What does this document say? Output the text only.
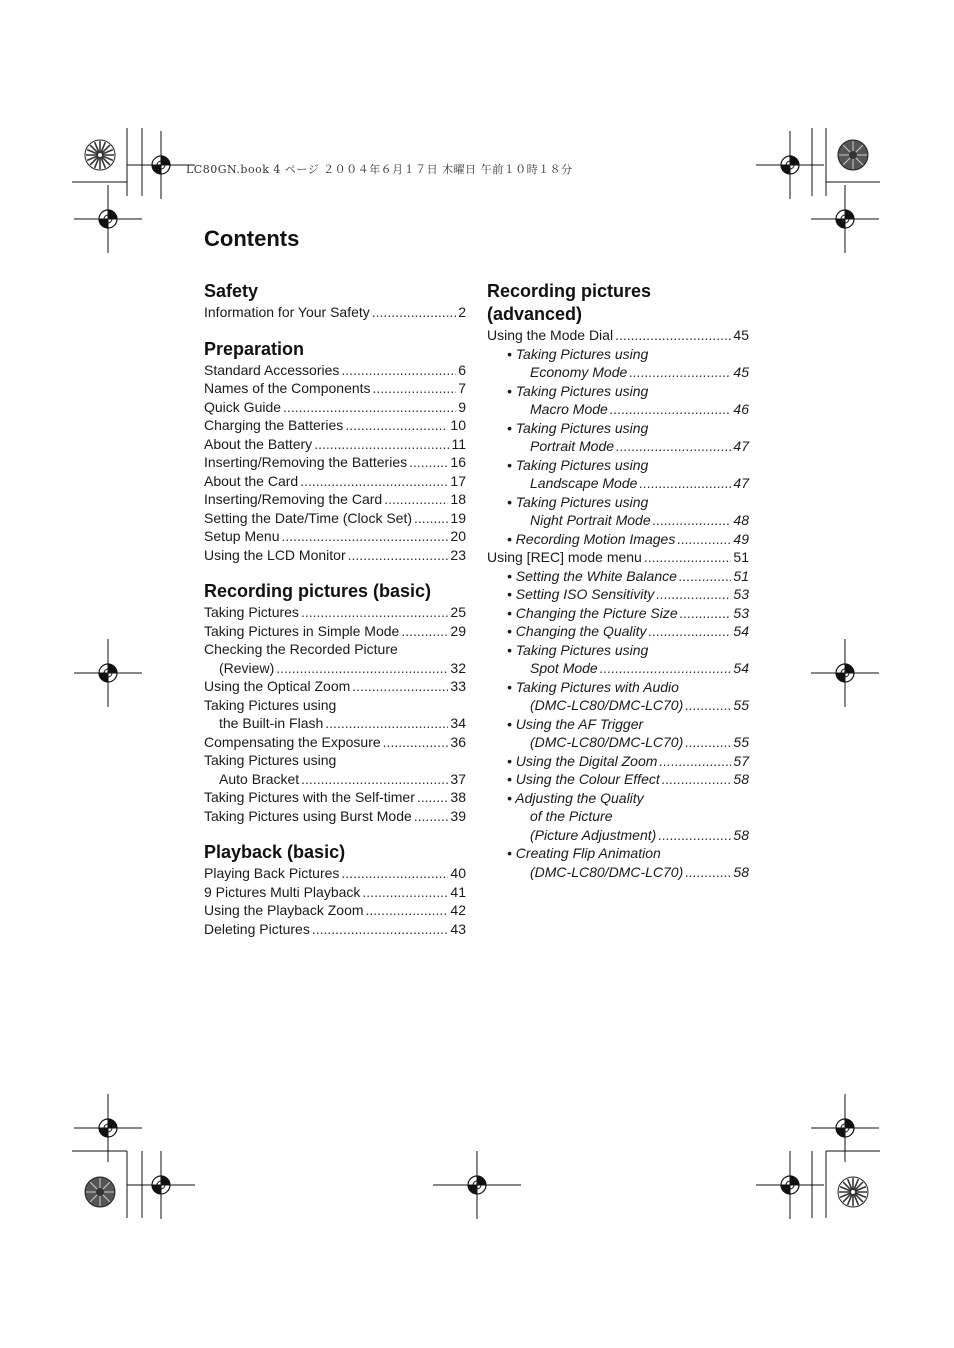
LC80GN.book 4 ページ ２００４年６月１７日 木曜日 午前１０時１８分
Contents
Safety
Information for Your Safety .....	2
Preparation
Standard Accessories .....	6
Names of the Components .....	7
Quick Guide .....	9
Charging the Batteries .....	10
About the Battery .....	11
Inserting/Removing the Batteries .....	16
About the Card .....	17
Inserting/Removing the Card .....	18
Setting the Date/Time (Clock Set) .....	19
Setup Menu .....	20
Using the LCD Monitor .....	23
Recording pictures (basic)
Taking Pictures .....	25
Taking Pictures in Simple Mode .....	29
Checking the Recorded Picture
(Review) .....	32
Using the Optical Zoom .....	33
Taking Pictures using
the Built-in Flash .....	34
Compensating the Exposure .....	36
Taking Pictures using
Auto Bracket .....	37
Taking Pictures with the Self-timer .....	38
Taking Pictures using Burst Mode .....	39
Playback (basic)
Playing Back Pictures .....	40
9 Pictures Multi Playback .....	41
Using the Playback Zoom .....	42
Deleting Pictures .....	43
Recording pictures
(advanced)
Using the Mode Dial .....	45
• Taking Pictures using
Economy Mode .....	45
• Taking Pictures using
Macro Mode .....	46
• Taking Pictures using
Portrait Mode .....	47
• Taking Pictures using
Landscape Mode .....	47
• Taking Pictures using
Night Portrait Mode .....	48
• Recording Motion Images .....	49
Using [REC] mode menu .....	51
• Setting the White Balance .....	51
• Setting ISO Sensitivity .....	53
• Changing the Picture Size .....	53
• Changing the Quality .....	54
• Taking Pictures using
Spot Mode .....	54
• Taking Pictures with Audio
(DMC-LC80/DMC-LC70) .....	55
• Using the AF Trigger
(DMC-LC80/DMC-LC70) .....	55
• Using the Digital Zoom .....	57
• Using the Colour Effect .....	58
• Adjusting the Quality
of the Picture
(Picture Adjustment) .....	58
• Creating Flip Animation
(DMC-LC80/DMC-LC70) .....	58
